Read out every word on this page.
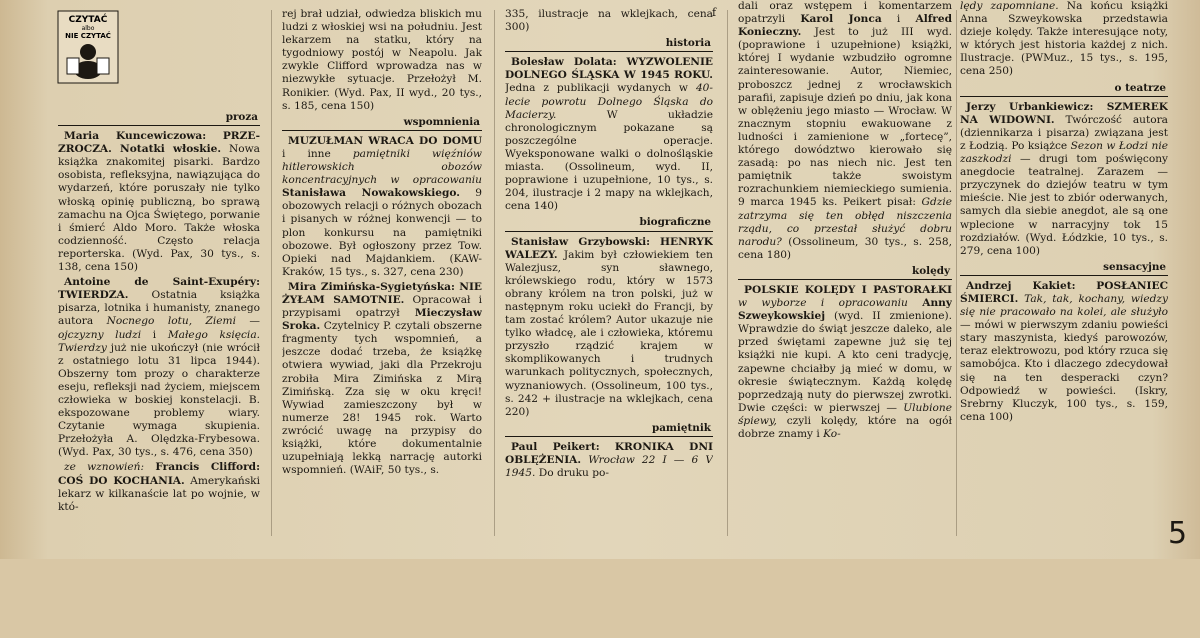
CZYTAĆ
albo
NIE CZYTAĆ
f
proza

Maria Kuncewiczowa: PRZE-ZROCZA. Notatki włoskie. Nowa książka znakomitej pisarki. Bardzo osobista, refleksyjna, nawiązująca do wydarzeń, które poruszały nie tylko włoską opinię publiczną, bo sprawą zamachu na Ojca Świętego, porwanie i śmierć Aldo Moro. Także włoska codzienność. Często relacja reporterska. (Wyd. Pax, 30 tys., s. 138, cena 150)

Antoine de Saint-Exupéry: TWIERDZA. Ostatnia książka pisarza, lotnika i humanisty, znanego autora Nocnego lotu, Ziemi — ojczyzny ludzi i Małego księcia. Twierdzy już nie ukończył (nie wrócił z ostatniego lotu 31 lipca 1944). Obszerny tom prozy o charakterze eseju, refleksji nad życiem, miejscem człowieka w boskiej konstelacji. B. ekspozowane problemy wiary. Czytanie wymaga skupienia. Przełożyła A. Olędzka-Frybesowa. (Wyd. Pax, 30 tys., s. 476, cena 350)

ze wznowień: Francis Clifford: COŚ DO KOCHANIA. Amerykański lekarz w kilkanaście lat po wojnie, w któ-

rej brał udział, odwiedza bliskich mu ludzi z włoskiej wsi na południu. Jest lekarzem na statku, który na tygodniowy postój w Neapolu. Jak zwykle Clifford wprowadza nas w niezwykłe sytuacje. Przełożył M. Ronikier. (Wyd. Pax, II wyd., 20 tys., s. 185, cena 150)

wspomnienia

MUZUŁMAN WRACA DO DOMU i inne pamiętniki więźniów hitlerowskich obozów koncentracyjnych w opracowaniu Stanisława Nowakowskiego. 9 obozowych relacji o różnych obozach i pisanych w różnej konwencji — to plon konkursu na pamiętniki obozowe. Był ogłoszony przez Tow. Opieki nad Majdankiem. (KAW-Kraków, 15 tys., s. 327, cena 230)

Mira Zimińska-Sygietyńska: NIE ŻYŁAM SAMOTNIE. Opracował i przypisami opatrzył Mieczysław Sroka. Czytelnicy P. czytali obszerne fragmenty tych wspomnień, a jeszcze dodać trzeba, że książkę otwiera wywiad, jaki dla Przekroju zrobiła Mira Zimińska z Mirą Zimińską. Zza się w oku kręci! Wywiad zamieszczony był w numerze 28! 1945 rok. Warto zwrócić uwagę na przypisy do książki, które dokumentalnie uzupełniają lekką narrację autorki wspomnień. (WAiF, 50 tys., s.

335, ilustracje na wklejkach, cena 300)

historia

Bolesław Dolata: WYZWOLENIE DOLNEGO ŚLĄSKA W 1945 ROKU. Jedna z publikacji wydanych w 40-lecie powrotu Dolnego Śląska do Macierzy.	W układzie chronologicznym pokazane są poszczególne operacje. Wyeksponowane walki o dolnośląskie miasta. (Ossolineum, wyd. II, poprawione i uzupełnione, 10 tys., s. 204, ilustracje i 2 mapy na wklejkach, cena 140)

biograficzne

Stanisław Grzybowski: HENRYK WALEZY. Jakim był człowiekiem ten Walezjusz, syn sławnego, królewskiego rodu, który w 1573 obrany królem na tron polski, już w następnym roku uciekł do Francji, by tam zostać królem? Autor ukazuje nie tylko władcę, ale i człowieka, któremu przyszło rządzić krajem w skomplikowanych i trudnych warunkach politycznych, społecznych, wyznaniowych. (Ossolineum, 100 tys., s. 242 + ilustracje na wklejkach, cena 220)

pamiętnik

Paul Peikert: KRONIKA DNI OBLĘŻENIA. Wrocław 22 I — 6 V 1945. Do druku po-

dali oraz wstępem i komentarzem opatrzyli Karol Jonca i Alfred Konieczny. Jest to już III wyd. (poprawione i uzupełnione) książki, której I wydanie wzbudziło ogromne zainteresowanie. Autor, Niemiec, proboszcz jednej z wrocławskich parafii, zapisuje dzień po dniu, jak kona w oblężeniu jego miasto — Wrocław. W znacznym stopniu ewakuowane z ludności i zamienione w „fortecę”, którego dowództwo kierowało się zasadą: po nas niech nic. Jest ten pamiętnik także swoistym rozrachunkiem niemieckiego sumienia. 9 marca 1945 ks. Peikert pisał: Gdzie zatrzyma się ten obłęd niszczenia rządu, co przestał służyć dobru narodu? (Ossolineum, 30 tys., s. 258, cena 180)

kolędy

POLSKIE KOLĘDY I PASTORAŁKI w wyborze i opracowaniu Anny Szweykowskiej (wyd. II zmienione). Wprawdzie do świąt jeszcze daleko, ale przed świętami zapewne już się tej książki nie kupi. A kto ceni tradycję, zapewne chciałby ją mieć w domu, w okresie świątecznym. Każdą kolędę poprzedzają nuty do pierwszej zwrotki. Dwie części: w pierwszej — Ulubione śpiewy, czyli kolędy, które na ogół dobrze znamy i Ko-

lędy zapomniane. Na końcu książki Anna Szweykowska przedstawia dzieje kolędy. Także interesujące noty, w których jest historia każdej z nich. Ilustracje. (PWMuz., 15 tys., s. 195, cena 250)

o teatrze

Jerzy Urbankiewicz: SZMEREK NA WIDOWNI. Twórczość autora (dziennikarza i pisarza) związana jest z Łodzią. Po książce Sezon w Łodzi nie zaszkodzi — drugi tom poświęcony anegdocie teatralnej. Zarazem — przyczynek do dziejów teatru w tym mieście. Nie jest to zbiór oderwanych, samych dla siebie anegdot, ale są one wplecione w narracyjny tok 15 rozdziałów. (Wyd. Łódzkie, 10 tys., s. 279, cena 100)

sensacyjne

Andrzej Kakiet: POSŁANIEC ŚMIERCI. Tak, tak, kochany, wiedzy się nie pracowało na kolei, ale służyło — mówi w pierwszym zdaniu powieści stary maszynista, kiedyś parowozów, teraz elektrowozu, pod który rzuca się samobójca. Kto i dlaczego zdecydował się na ten desperacki czyn? Odpowiedź w powieści. (Iskry, Srebrny Kluczyk, 100 tys., s. 159, cena 100)

5
